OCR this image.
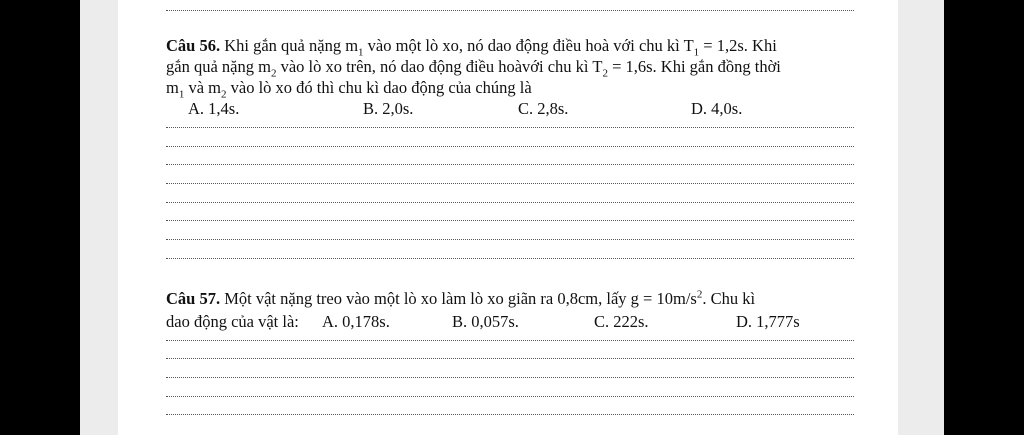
Câu 56. Khi gắn quả nặng $m_1$ vào một lò xo, nó dao động điều hoà với chu kì $T_1 = 1,2s$. Khi
gắn quả nặng $m_2$ vào lò xo trên, nó dao động điều hoàvới chu kì $T_2 = 1,6s$. Khi gắn đồng thời
$m_1$ và $m_2$ vào lò xo đó thì chu kì dao động của chúng là
A. 1,4s.	B. 2,0s.	C. 2,8s.	D. 4,0s.
Câu 57. Một vật nặng treo vào một lò xo làm lò xo giãn ra 0,8cm, lấy $g = 10m/s^2$. Chu kì
dao động của vật là: A. 0,178s.	B. 0,057s.	C. 222s.	D. 1,777s
